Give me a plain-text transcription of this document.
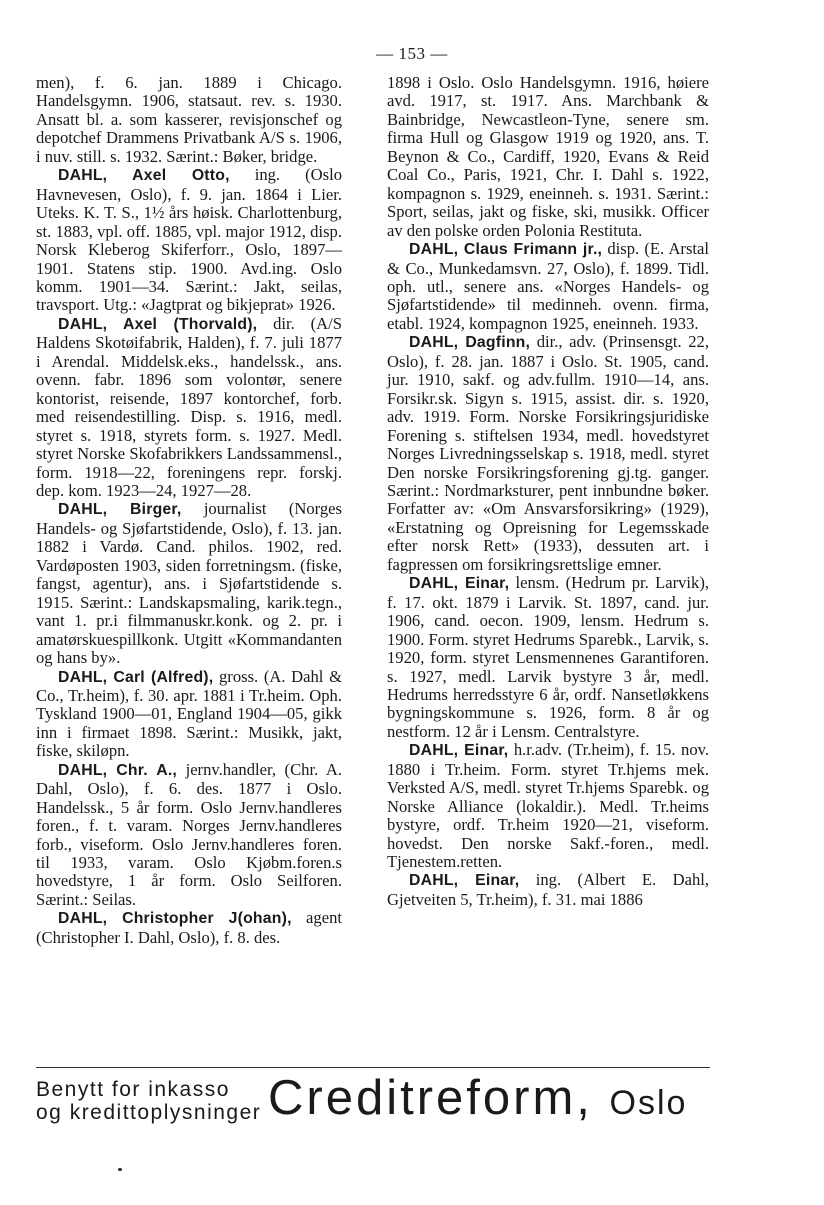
— 153 —

men), f. 6. jan. 1889 i Chicago. Handelsgymn. 1906, statsaut. rev. s. 1930. Ansatt bl. a. som kasserer, revisjonschef og depotchef Drammens Privatbank A/S s. 1906, i nuv. still. s. 1932. Særint.: Bøker, bridge.

DAHL, Axel Otto, ing. (Oslo Havnevesen, Oslo), f. 9. jan. 1864 i Lier. Uteks. K. T. S., 1½ års høisk. Charlottenburg, st. 1883, vpl. off. 1885, vpl. major 1912, disp. Norsk Kleberog Skiferforr., Oslo, 1897—1901. Statens stip. 1900. Avd.ing. Oslo komm. 1901—34. Særint.: Jakt, seilas, travsport. Utg.: «Jagtprat og bikjeprat» 1926.

DAHL, Axel (Thorvald), dir. (A/S Haldens Skotøifabrik, Halden), f. 7. juli 1877 i Arendal. Middelsk.eks., handelssk., ans. ovenn. fabr. 1896 som volontør, senere kontorist, reisende, 1897 kontorchef, forb. med reisendestilling. Disp. s. 1916, medl. styret s. 1918, styrets form. s. 1927. Medl. styret Norske Skofabrikkers Landssammensl., form. 1918—22, foreningens repr. forskj. dep. kom. 1923—24, 1927—28.

DAHL, Birger, journalist (Norges Handels- og Sjøfartstidende, Oslo), f. 13. jan. 1882 i Vardø. Cand. philos. 1902, red. Vardøposten 1903, siden forretningsm. (fiske, fangst, agentur), ans. i Sjøfartstidende s. 1915. Særint.: Landskapsmaling, karik.tegn., vant 1. pr.i filmmanuskr.konk. og 2. pr. i amatørskuespillkonk. Utgitt «Kommandanten og hans by».

DAHL, Carl (Alfred), gross. (A. Dahl & Co., Tr.heim), f. 30. apr. 1881 i Tr.heim. Oph. Tyskland 1900—01, England 1904—05, gikk inn i firmaet 1898. Særint.: Musikk, jakt, fiske, skiløpn.

DAHL, Chr. A., jernv.handler, (Chr. A. Dahl, Oslo), f. 6. des. 1877 i Oslo. Handelssk., 5 år form. Oslo Jernv.handleres foren., f. t. varam. Norges Jernv.handleres forb., viseform. Oslo Jernv.handleres foren. til 1933, varam. Oslo Kjøbm.foren.s hovedstyre, 1 år form. Oslo Seilforen. Særint.: Seilas.

DAHL, Christopher J(ohan), agent (Christopher I. Dahl, Oslo), f. 8. des.

1898 i Oslo. Oslo Handelsgymn. 1916, høiere avd. 1917, st. 1917. Ans. Marchbank & Bainbridge, Newcastleon-Tyne, senere sm. firma Hull og Glasgow 1919 og 1920, ans. T. Beynon & Co., Cardiff, 1920, Evans & Reid Coal Co., Paris, 1921, Chr. I. Dahl s. 1922, kompagnon s. 1929, eneinneh. s. 1931. Særint.: Sport, seilas, jakt og fiske, ski, musikk. Officer av den polske orden Polonia Restituta.

DAHL, Claus Frimann jr., disp. (E. Arstal & Co., Munkedamsvn. 27, Oslo), f. 1899. Tidl. oph. utl., senere ans. «Norges Handels- og Sjøfartstidende» til medinneh. ovenn. firma, etabl. 1924, kompagnon 1925, eneinneh. 1933.

DAHL, Dagfinn, dir., adv. (Prinsensgt. 22, Oslo), f. 28. jan. 1887 i Oslo. St. 1905, cand. jur. 1910, sakf. og adv.fullm. 1910—14, ans. Forsikr.sk. Sigyn s. 1915, assist. dir. s. 1920, adv. 1919. Form. Norske Forsikringsjuridiske Forening s. stiftelsen 1934, medl. hovedstyret Norges Livredningsselskap s. 1918, medl. styret Den norske Forsikringsforening gj.tg. ganger. Særint.: Nordmarksturer, pent innbundne bøker. Forfatter av: «Om Ansvarsforsikring» (1929), «Erstatning og Opreisning for Legemsskade efter norsk Rett» (1933), dessuten art. i fagpressen om forsikringsrettslige emner.

DAHL, Einar, lensm. (Hedrum pr. Larvik), f. 17. okt. 1879 i Larvik. St. 1897, cand. jur. 1906, cand. oecon. 1909, lensm. Hedrum s. 1900. Form. styret Hedrums Sparebk., Larvik, s. 1920, form. styret Lensmennenes Garantiforen. s. 1927, medl. Larvik bystyre 3 år, medl. Hedrums herredsstyre 6 år, ordf. Nansetløkkens bygningskommune s. 1926, form. 8 år og nestform. 12 år i Lensm. Centralstyre.

DAHL, Einar, h.r.adv. (Tr.heim), f. 15. nov. 1880 i Tr.heim. Form. styret Tr.hjems mek. Verksted A/S, medl. styret Tr.hjems Sparebk. og Norske Alliance (lokaldir.). Medl. Tr.heims bystyre, ordf. Tr.heim 1920—21, viseform. hovedst. Den norske Sakf.-foren., medl. Tjenestem.retten.

DAHL, Einar, ing. (Albert E. Dahl, Gjetveiten 5, Tr.heim), f. 31. mai 1886

Benytt for inkasso
og kredittoplysninger Creditreform, Oslo
